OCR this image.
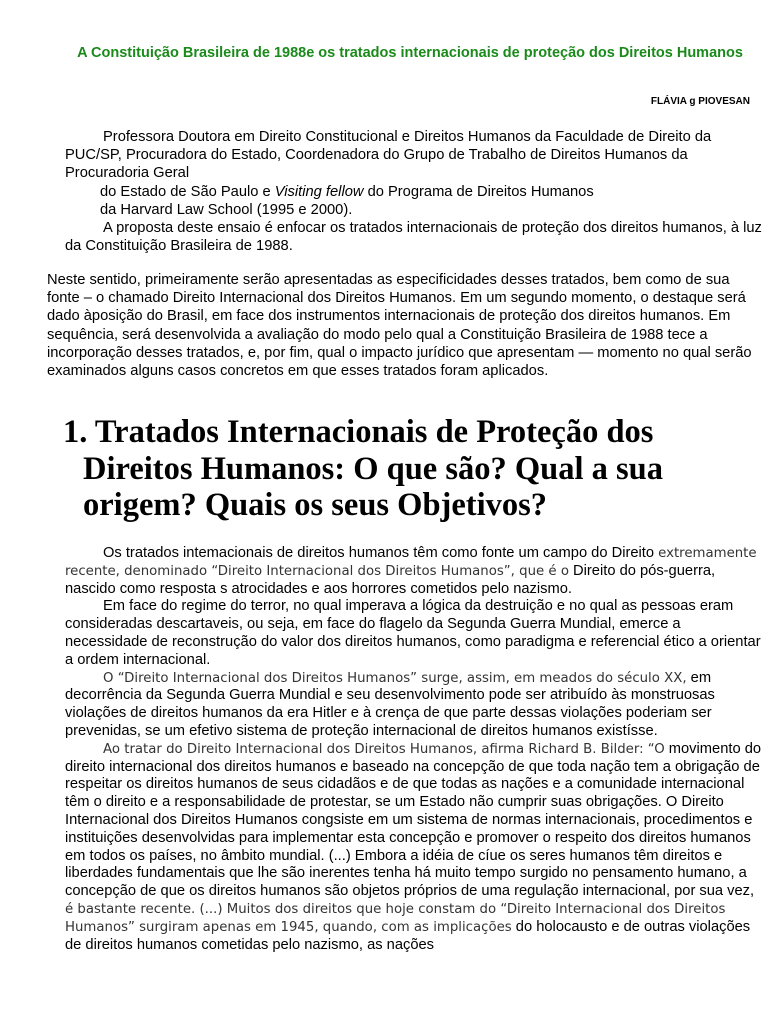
A Constituição Brasileira de 1988e os tratados internacionais de proteção dos Direitos Humanos

FLÁVIA g PIOVESAN

Professora Doutora em Direito Constitucional e Direitos Humanos da Faculdade de Direito da PUC/SP, Procuradora do Estado, Coordenadora do Grupo de Trabalho de Direitos Humanos da Procuradoria Geral

do Estado de São Paulo e Visiting fellow do Programa de Direitos Humanos

da Harvard Law School (1995 e 2000).

A proposta deste ensaio é enfocar os tratados internacionais de proteção dos direitos humanos, à luz da Constituição Brasileira de 1988.

Neste sentido, primeiramente serão apresentadas as especificidades desses tratados, bem como de sua fonte – o chamado Direito Internacional dos Direitos Humanos. Em um segundo momento, o destaque será dado àposição do Brasil, em face dos instrumentos internacionais de proteção dos direitos humanos. Em sequência, será desenvolvida a avaliação do modo pelo qual a Constituição Brasileira de 1988 tece a incorporação desses tratados, e, por fim, qual o impacto jurídico que apresentam — momento no qual serão examinados alguns casos concretos em que esses tratados foram aplicados.

1. Tratados Internacionais de Proteção dos
Direitos Humanos: O que são? Qual a sua
origem? Quais os seus Objetivos?

Os tratados intemacionais de direitos humanos têm como fonte um campo do Direito extremamente recente, denominado “Direito Internacional dos Direitos Humanos”, que é o Direito do pós-guerra, nascido como resposta s atrocidades e aos horrores cometidos pelo nazismo.

Em face do regime do terror, no qual imperava a lógica da destruição e no qual as pessoas eram consideradas descartaveis, ou seja, em face do flagelo da Segunda Guerra Mundial, emerce a necessidade de reconstrução do valor dos direitos humanos, como paradigma e referencial ético a orientar a ordem internacional.

O “Direito Internacional dos Direitos Humanos” surge, assim, em meados do século XX, em decorrência da Segunda Guerra Mundial e seu desenvolvimento pode ser atribuído às monstruosas violações de direitos humanos da era Hitler e à crença de que parte dessas violações poderiam ser prevenidas, se um efetivo sistema de proteção internacional de direitos humanos existísse.

Ao tratar do Direito Internacional dos Direitos Humanos, afirma Richard B. Bilder: “O movimento do direito internacional dos direitos humanos e baseado na concepção de que toda nação tem a obrigação de respeitar os direitos humanos de seus cidadãos e de que todas as nações e a comunidade internacional têm o direito e a responsabilidade de protestar, se um Estado não cumprir suas obrigações. O Direito Internacional dos Direitos Humanos congsiste em um sistema de normas internacionais, procedimentos e instituições desenvolvidas para implementar esta concepção e promover o respeito dos direitos humanos em todos os países, no âmbito mundial. (...) Embora a idéia de cíue os seres humanos têm direitos e liberdades fundamentais que lhe são inerentes tenha há muito tempo surgido no pensamento humano, a concepção de que os direitos humanos são objetos próprios de uma regulação internacional, por sua vez, é bastante recente. (...) Muitos dos direitos que hoje constam do “Direito Internacional dos Direitos Humanos” surgiram apenas em 1945, quando, com as implicações do holocausto e de outras violações de direitos humanos cometidas pelo nazismo, as nações
